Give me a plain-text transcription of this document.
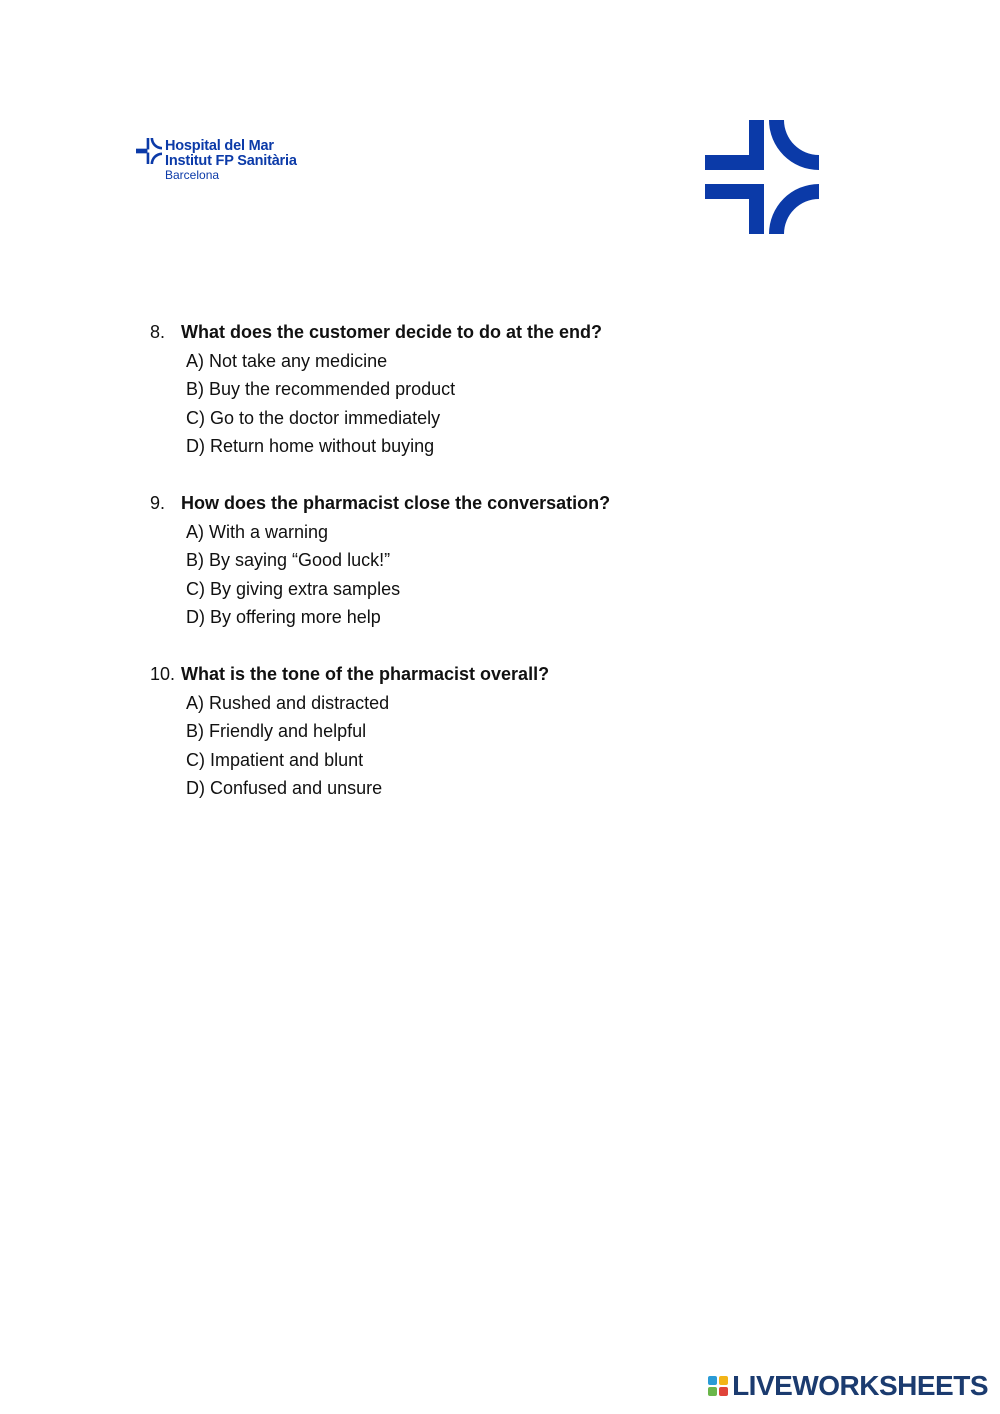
Hospital del Mar
Institut FP Sanitària
Barcelona
8. What does the customer decide to do at the end?
A) Not take any medicine
B) Buy the recommended product
C) Go to the doctor immediately
D) Return home without buying
9. How does the pharmacist close the conversation?
A) With a warning
B) By saying “Good luck!”
C) By giving extra samples
D) By offering more help
10. What is the tone of the pharmacist overall?
A) Rushed and distracted
B) Friendly and helpful
C) Impatient and blunt
D) Confused and unsure
LIVEWORKSHEETS
